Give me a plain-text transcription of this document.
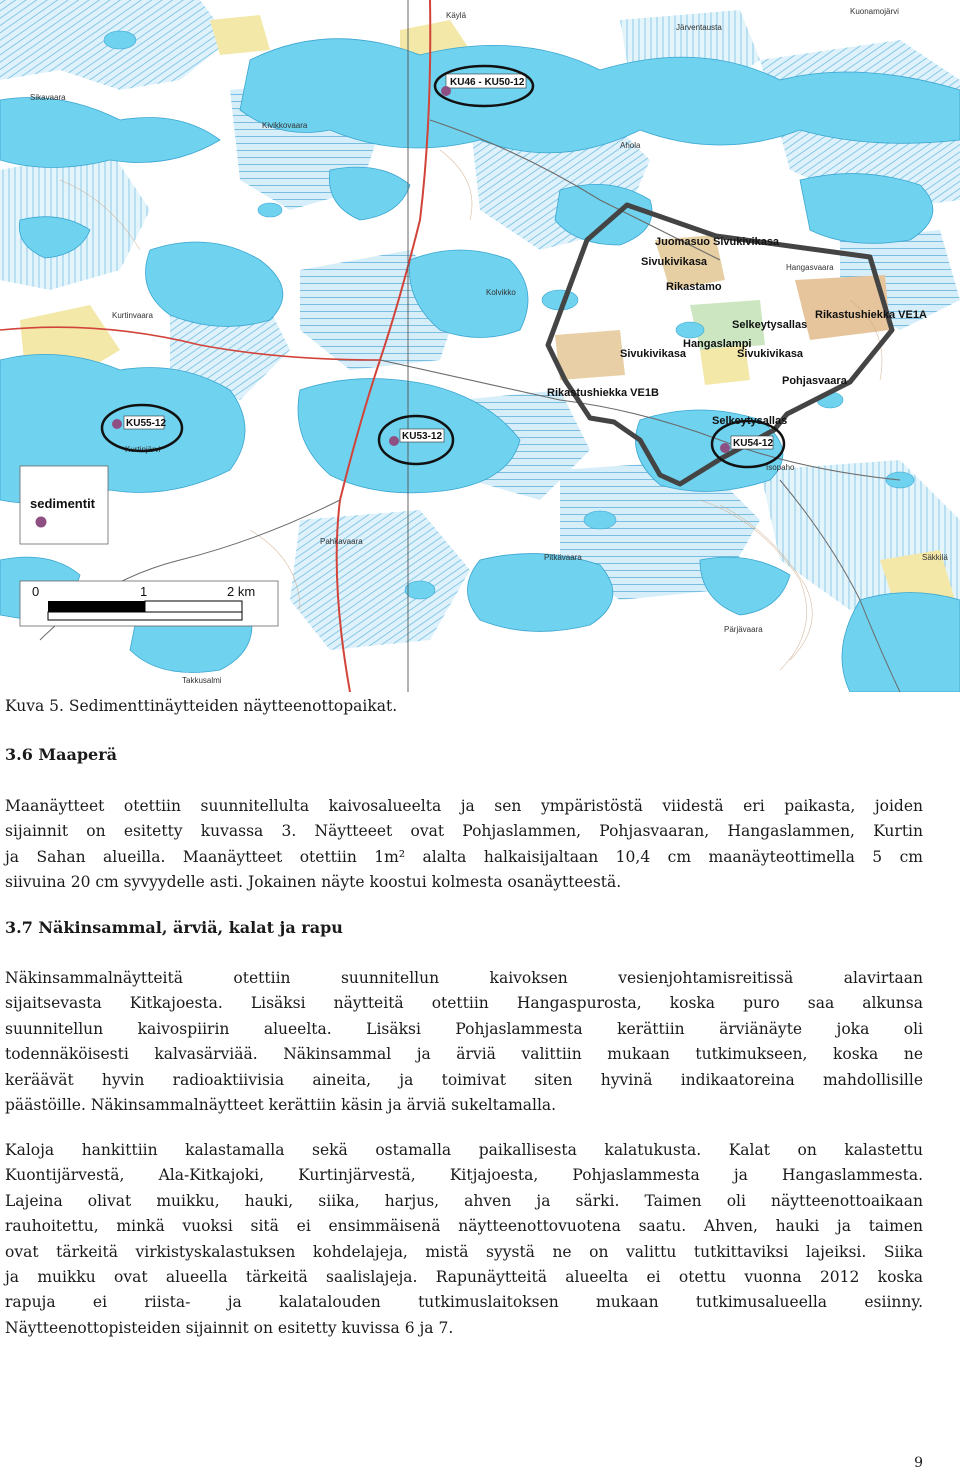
Käylä
Kurtinvaara
Kurtinjärvi
Järventausta
Säkkilä
Takkusalmi
Kivikkovaara
Kolvikko
Hangasvaara
Isopaho
Pitkävaara
Pahkavaara
Ahola
Sikavaara
Kuonamojärvi
Pärjävaara
Juomasuo Sivukivikasa
Sivukivikasa
Rikastamo
Rikastushiekka VE1A
Selkeytysallas
Hangaslampi
Sivukivikasa	Sivukivikasa
Pohjasvaara
Rikastushiekka VE1B
Selkeytysallas
KU46 - KU50-12
KU55-12
KU53-12
KU54-12
sedimentit
0	1	2 km
Kuva 5. Sedimenttinäytteiden näytteenottopaikat.
3.6 Maaperä

Maanäytteet otettiin suunnitellulta kaivosalueelta ja sen ympäristöstä viidestä eri paikasta, joiden

sijainnit on esitetty kuvassa 3. Näytteeet ovat Pohjaslammen, Pohjasvaaran, Hangaslammen, Kurtin

ja Sahan alueilla. Maanäytteet otettiin 1m² alalta halkaisijaltaan 10,4 cm maanäyteottimella 5 cm

siivuina 20 cm syvyydelle asti. Jokainen näyte koostui kolmesta osanäytteestä.

3.7 Näkinsammal, ärviä, kalat ja rapu

Näkinsammalnäytteitä otettiin suunnitellun kaivoksen vesienjohtamisreitissä alavirtaan

sijaitsevasta Kitkajoesta. Lisäksi näytteitä otettiin Hangaspurosta, koska puro saa alkunsa

suunnitellun kaivospiirin alueelta. Lisäksi Pohjaslammesta kerättiin ärviänäyte joka oli

todennäköisesti kalvasärviää. Näkinsammal ja ärviä valittiin mukaan tutkimukseen, koska ne

keräävät hyvin radioaktiivisia aineita, ja toimivat siten hyvinä indikaatoreina mahdollisille

päästöille. Näkinsammalnäytteet kerättiin käsin ja ärviä sukeltamalla.

Kaloja hankittiin kalastamalla sekä ostamalla paikallisesta kalatukusta. Kalat on kalastettu

Kuontijärvestä, Ala-Kitkajoki, Kurtinjärvestä, Kitjajoesta, Pohjaslammesta ja Hangaslammesta.

Lajeina olivat muikku, hauki, siika, harjus, ahven ja särki. Taimen oli näytteenottoaikaan

rauhoitettu, minkä vuoksi sitä ei ensimmäisenä näytteenottovuotena saatu. Ahven, hauki ja taimen

ovat tärkeitä virkistyskalastuksen kohdelajeja, mistä syystä ne on valittu tutkittaviksi lajeiksi. Siika

ja muikku ovat alueella tärkeitä saalislajeja. Rapunäytteitä alueelta ei otettu vuonna 2012 koska

rapuja ei riista- ja kalatalouden tutkimuslaitoksen mukaan tutkimusalueella esiinny.

Näytteenottopisteiden sijainnit on esitetty kuvissa 6 ja 7.

9
